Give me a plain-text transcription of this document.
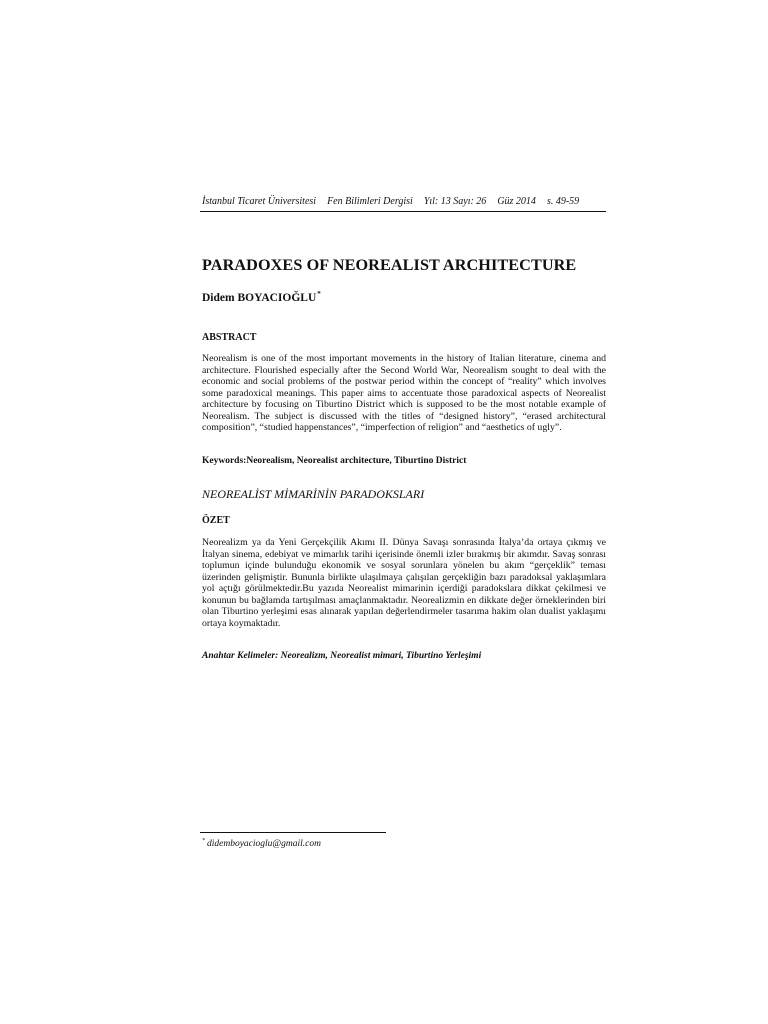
İstanbul Ticaret Üniversitesi Fen Bilimleri Dergisi Yıl: 13 Sayı: 26 Güz 2014 s. 49-59
PARADOXES OF NEOREALIST ARCHITECTURE
Didem BOYACIOĞLU*
ABSTRACT
Neorealism is one of the most important movements in the history of Italian literature, cinema and architecture. Flourished especially after the Second World War, Neorealism sought to deal with the economic and social problems of the postwar period within the concept of “reality” which involves some paradoxical meanings. This paper aims to accentuate those paradoxical aspects of Neorealist architecture by focusing on Tiburtino District which is supposed to be the most notable example of Neorealism. The subject is discussed with the titles of “designed history”, “erased architectural composition”, “studied happenstances”, “imperfection of religion” and “aesthetics of ugly”.
Keywords:Neorealism, Neorealist architecture, Tiburtino District
NEOREALİST MİMARİNİN PARADOKSLARI
ÖZET
Neorealizm ya da Yeni Gerçekçilik Akımı II. Dünya Savaşı sonrasında İtalya’da ortaya çıkmış ve İtalyan sinema, edebiyat ve mimarlık tarihi içerisinde önemli izler bırakmış bir akımdır. Savaş sonrası toplumun içinde bulunduğu ekonomik ve sosyal sorunlara yönelen bu akım “gerçeklik” teması üzerinden gelişmiştir. Bununla birlikte ulaşılmaya çalışılan gerçekliğin bazı paradoksal yaklaşımlara yol açtığı görülmektedir.Bu yazıda Neorealist mimarinin içerdiği paradokslara dikkat çekilmesi ve konunun bu bağlamda tartışılması amaçlanmaktadır. Neorealizmin en dikkate değer örneklerinden biri olan Tiburtino yerleşimi esas alınarak yapılan değerlendirmeler tasarıma hakim olan dualist yaklaşımı ortaya koymaktadır.
Anahtar Kelimeler: Neorealizm, Neorealist mimari, Tiburtino Yerleşimi
* didemboyacioglu@gmail.com
